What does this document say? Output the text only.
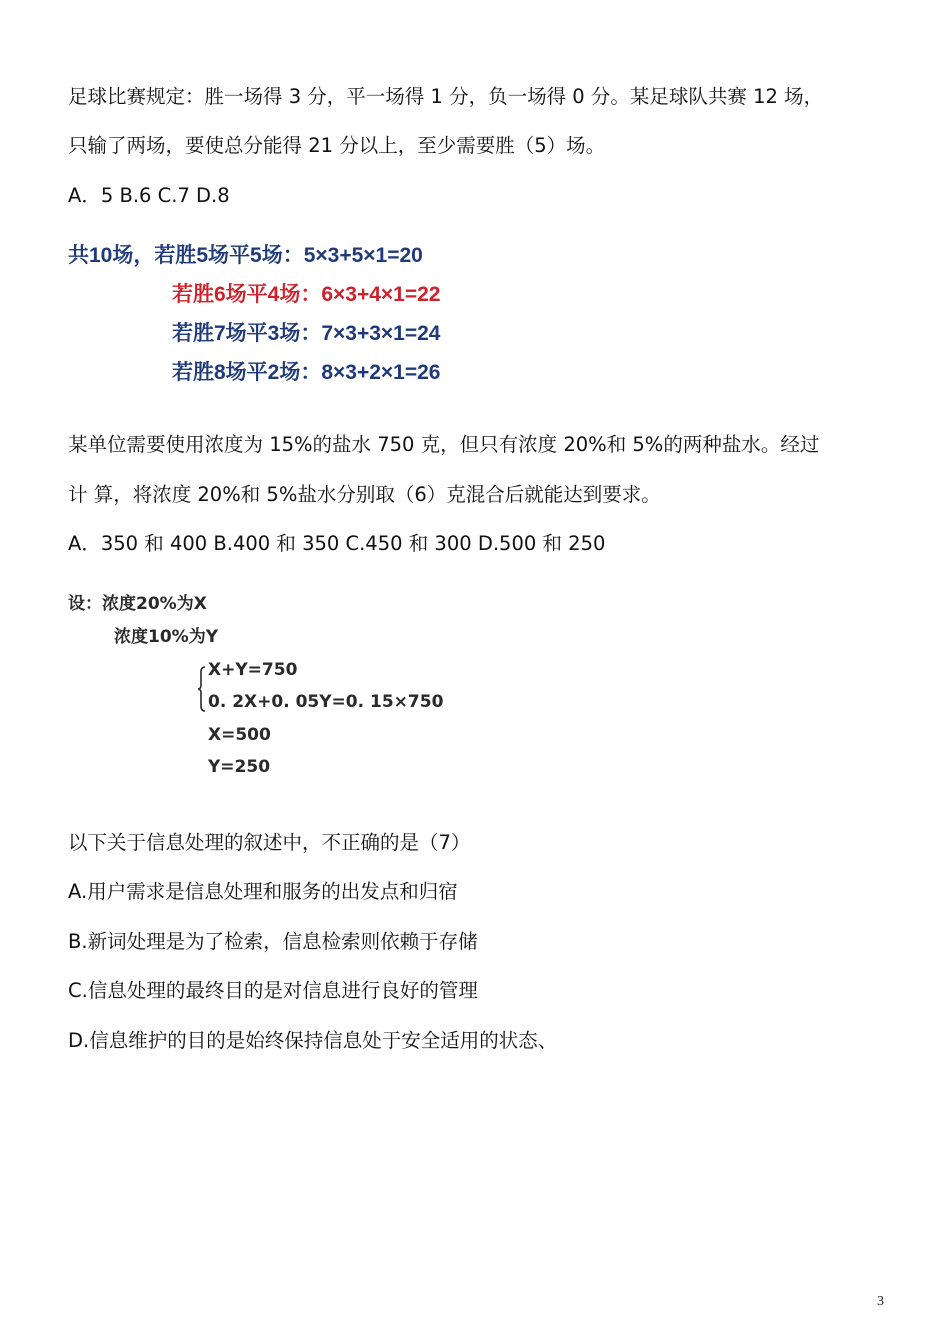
足球比赛规定：胜一场得 3 分，平一场得 1 分，负一场得 0 分。某足球队共赛 12 场，
只输了两场，要使总分能得 21 分以上，至少需要胜（5）场。
A．5 B.6 C.7 D.8
共10场，若胜5场平5场：5×3+5×1=20
若胜6场平4场：6×3+4×1=22
若胜7场平3场：7×3+3×1=24
若胜8场平2场：8×3+2×1=26
某单位需要使用浓度为 15%的盐水 750 克，但只有浓度 20%和 5%的两种盐水。经过
计 算，将浓度 20%和 5%盐水分别取（6）克混合后就能达到要求。
A．350 和 400 B.400 和 350 C.450 和 300 D.500 和 250
设：浓度20%为X
浓度10%为Y
X+Y=750
0. 2X+0. 05Y=0. 15×750
X=500
Y=250
以下关于信息处理的叙述中，不正确的是（7）
A.用户需求是信息处理和服务的出发点和归宿
B.新词处理是为了检索，信息检索则依赖于存储
C.信息处理的最终目的是对信息进行良好的管理
D.信息维护的目的是始终保持信息处于安全适用的状态、
3
